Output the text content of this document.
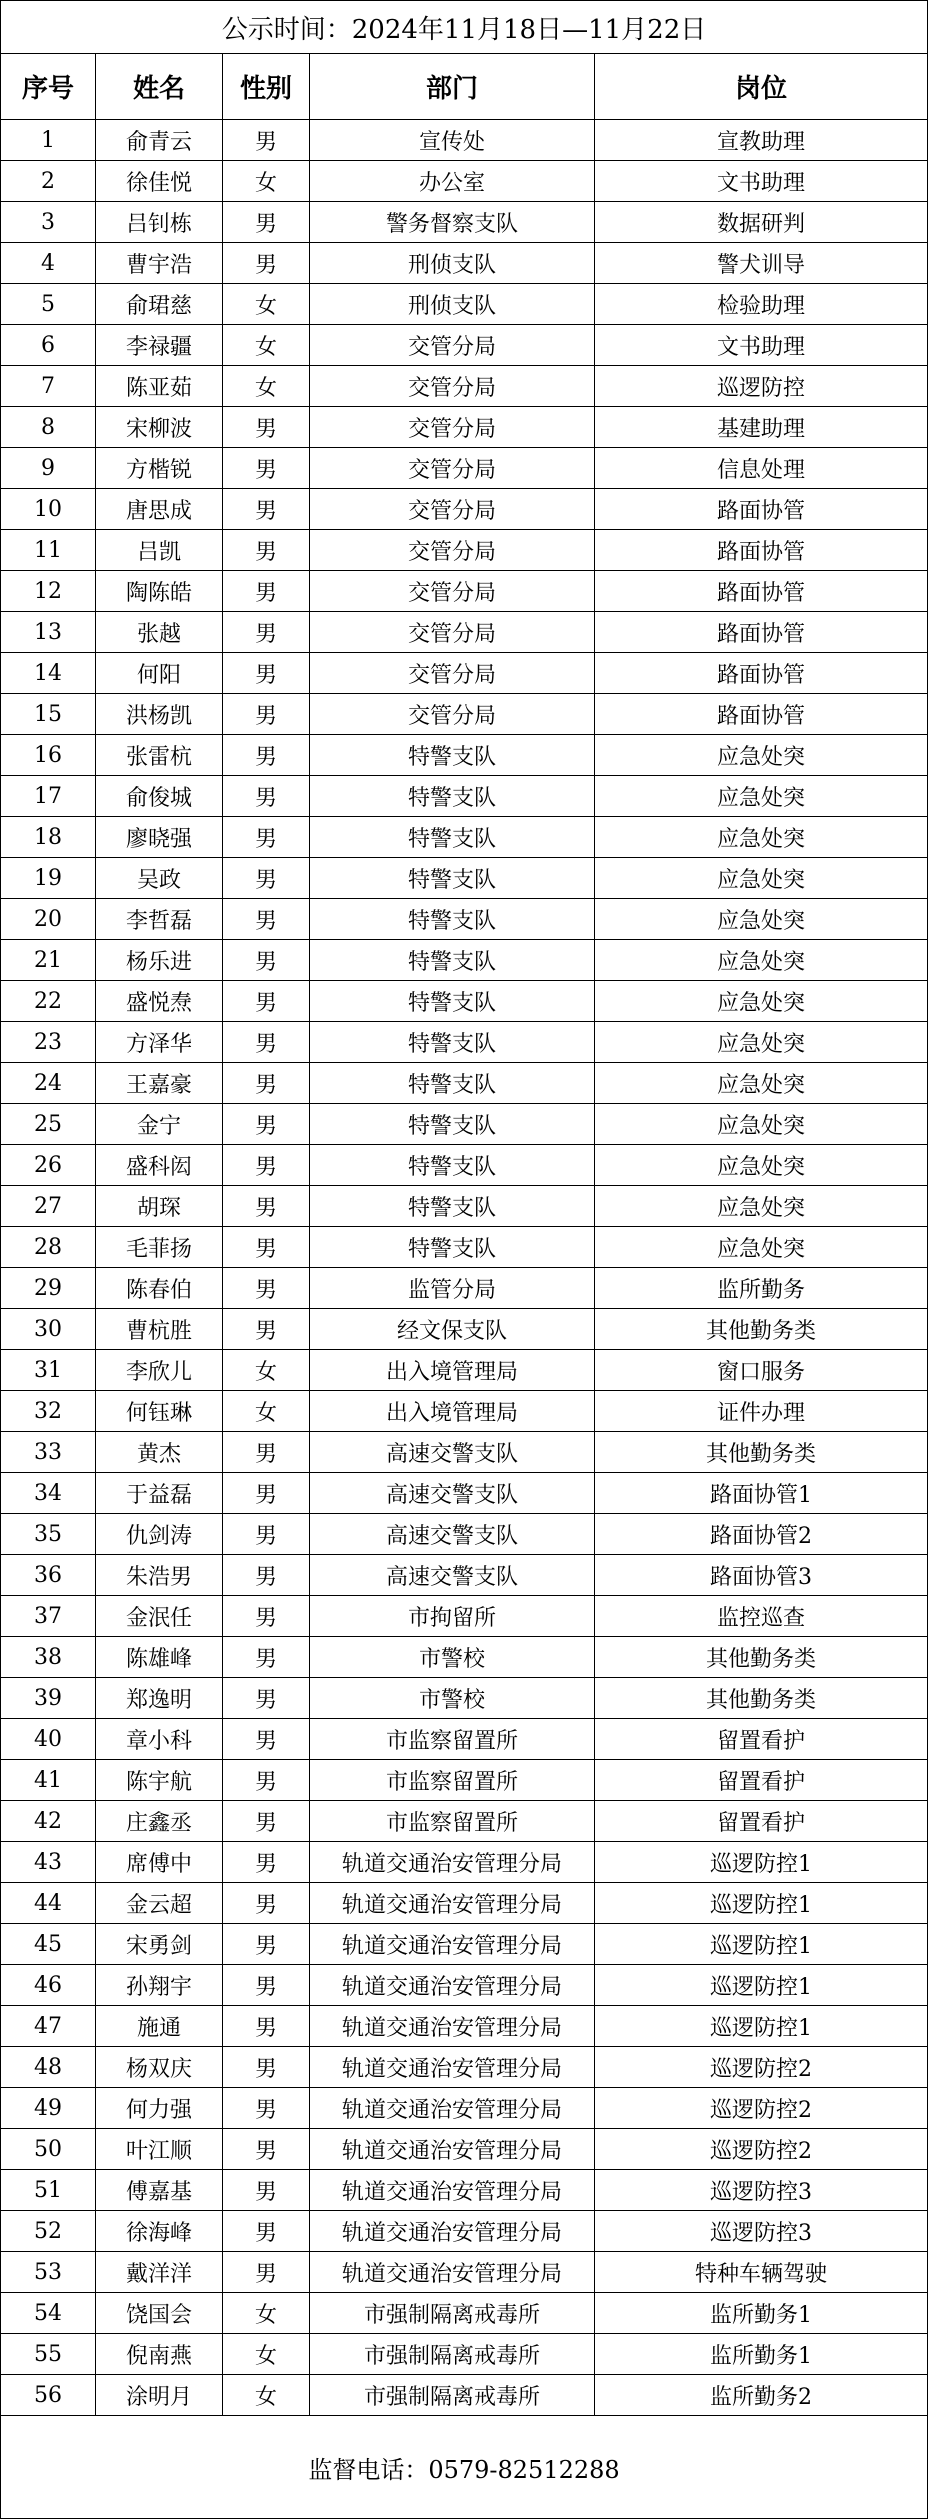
公示时间：2024年11月18日—11月22日
序号	姓名	性别	部门	岗位
1	俞青云	男	宣传处	宣教助理
2	徐佳悦	女	办公室	文书助理
3	吕钊栋	男	警务督察支队	数据研判
4	曹宇浩	男	刑侦支队	警犬训导
5	俞珺慈	女	刑侦支队	检验助理
6	李禄疆	女	交管分局	文书助理
7	陈亚茹	女	交管分局	巡逻防控
8	宋柳波	男	交管分局	基建助理
9	方楷锐	男	交管分局	信息处理
10	唐思成	男	交管分局	路面协管
11	吕凯	男	交管分局	路面协管
12	陶陈皓	男	交管分局	路面协管
13	张越	男	交管分局	路面协管
14	何阳	男	交管分局	路面协管
15	洪杨凯	男	交管分局	路面协管
16	张雷杭	男	特警支队	应急处突
17	俞俊城	男	特警支队	应急处突
18	廖晓强	男	特警支队	应急处突
19	吴政	男	特警支队	应急处突
20	李哲磊	男	特警支队	应急处突
21	杨乐进	男	特警支队	应急处突
22	盛悦焘	男	特警支队	应急处突
23	方泽华	男	特警支队	应急处突
24	王嘉豪	男	特警支队	应急处突
25	金宁	男	特警支队	应急处突
26	盛科闳	男	特警支队	应急处突
27	胡琛	男	特警支队	应急处突
28	毛菲扬	男	特警支队	应急处突
29	陈春伯	男	监管分局	监所勤务
30	曹杭胜	男	经文保支队	其他勤务类
31	李欣儿	女	出入境管理局	窗口服务
32	何钰琳	女	出入境管理局	证件办理
33	黄杰	男	高速交警支队	其他勤务类
34	于益磊	男	高速交警支队	路面协管1
35	仇剑涛	男	高速交警支队	路面协管2
36	朱浩男	男	高速交警支队	路面协管3
37	金泯任	男	市拘留所	监控巡查
38	陈雄峰	男	市警校	其他勤务类
39	郑逸明	男	市警校	其他勤务类
40	章小科	男	市监察留置所	留置看护
41	陈宇航	男	市监察留置所	留置看护
42	庄鑫丞	男	市监察留置所	留置看护
43	席傅中	男	轨道交通治安管理分局	巡逻防控1
44	金云超	男	轨道交通治安管理分局	巡逻防控1
45	宋勇剑	男	轨道交通治安管理分局	巡逻防控1
46	孙翔宇	男	轨道交通治安管理分局	巡逻防控1
47	施通	男	轨道交通治安管理分局	巡逻防控1
48	杨双庆	男	轨道交通治安管理分局	巡逻防控2
49	何力强	男	轨道交通治安管理分局	巡逻防控2
50	叶江顺	男	轨道交通治安管理分局	巡逻防控2
51	傅嘉基	男	轨道交通治安管理分局	巡逻防控3
52	徐海峰	男	轨道交通治安管理分局	巡逻防控3
53	戴洋洋	男	轨道交通治安管理分局	特种车辆驾驶
54	饶国会	女	市强制隔离戒毒所	监所勤务1
55	倪南燕	女	市强制隔离戒毒所	监所勤务1
56	涂明月	女	市强制隔离戒毒所	监所勤务2
监督电话：0579-82512288
